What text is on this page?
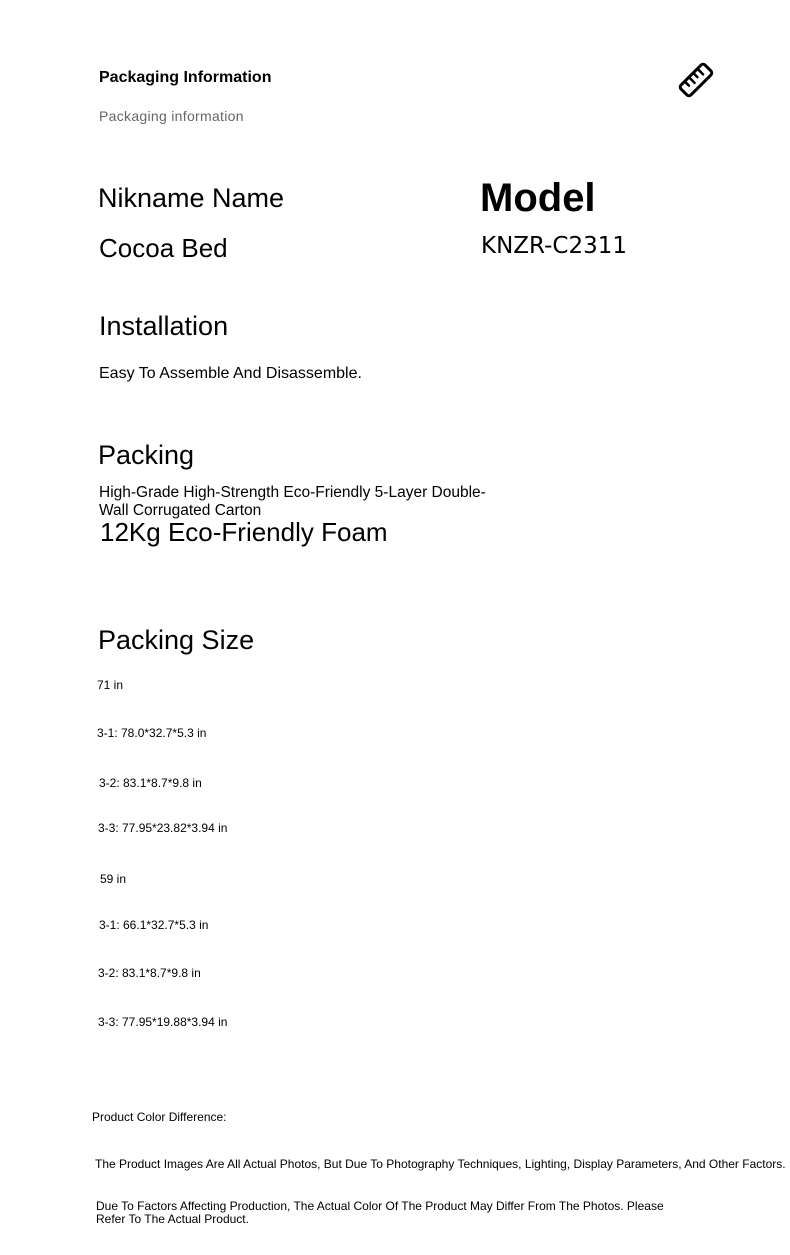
Packaging Information
Packaging information
Nikname Name
Cocoa Bed
Model
KNZR-C2311
Installation
Easy To Assemble And Disassemble.
Packing
High-Grade High-Strength Eco-Friendly 5-Layer Double-Wall Corrugated Carton
12Kg Eco-Friendly Foam
Packing Size
71 in
3-1: 78.0*32.7*5.3 in
3-2: 83.1*8.7*9.8 in
3-3: 77.95*23.82*3.94 in
59 in
3-1: 66.1*32.7*5.3 in
3-2: 83.1*8.7*9.8 in
3-3: 77.95*19.88*3.94 in
Product Color Difference:
The Product Images Are All Actual Photos, But Due To Photography Techniques, Lighting, Display Parameters, And Other Factors.
Due To Factors Affecting Production, The Actual Color Of The Product May Differ From The Photos. Please Refer To The Actual Product.
